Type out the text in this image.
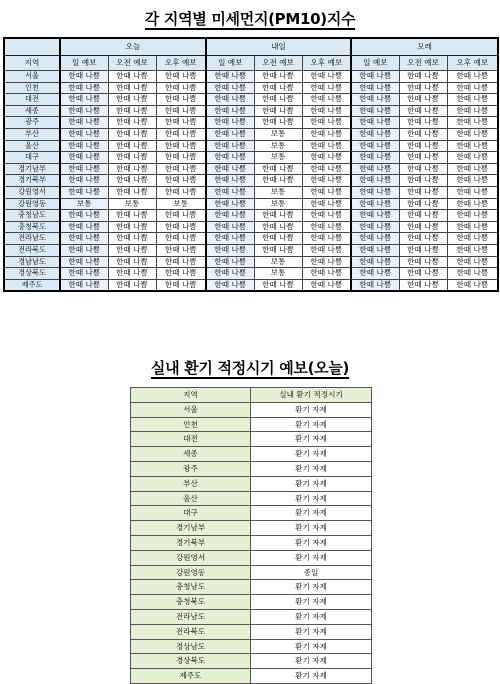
각 지역별 미세먼지(PM10)지수
	오늘			내일			모레		
지역	일 예보	오전 예보	오후 예보	일 예보	오전 예보	오후 예보	일 예보	오전 예보	오후 예보
서울	한때 나쁨	한때 나쁨	한때 나쁨	한때 나쁨	한때 나쁨	한때 나쁨	한때 나쁨	한때 나쁨	한때 나쁨
인천	한때 나쁨	한때 나쁨	한때 나쁨	한때 나쁨	한때 나쁨	한때 나쁨	한때 나쁨	한때 나쁨	한때 나쁨
대전	한때 나쁨	한때 나쁨	한때 나쁨	한때 나쁨	한때 나쁨	한때 나쁨	한때 나쁨	한때 나쁨	한때 나쁨
세종	한때 나쁨	한때 나쁨	한때 나쁨	한때 나쁨	한때 나쁨	한때 나쁨	한때 나쁨	한때 나쁨	한때 나쁨
광주	한때 나쁨	한때 나쁨	한때 나쁨	한때 나쁨	한때 나쁨	한때 나쁨	한때 나쁨	한때 나쁨	한때 나쁨
부산	한때 나쁨	한때 나쁨	한때 나쁨	한때 나쁨	보통	한때 나쁨	한때 나쁨	한때 나쁨	한때 나쁨
울산	한때 나쁨	한때 나쁨	한때 나쁨	한때 나쁨	보통	한때 나쁨	한때 나쁨	한때 나쁨	한때 나쁨
대구	한때 나쁨	한때 나쁨	한때 나쁨	한때 나쁨	보통	한때 나쁨	한때 나쁨	한때 나쁨	한때 나쁨
경기남부	한때 나쁨	한때 나쁨	한때 나쁨	한때 나쁨	한때 나쁨	한때 나쁨	한때 나쁨	한때 나쁨	한때 나쁨
경기북부	한때 나쁨	한때 나쁨	한때 나쁨	한때 나쁨	한때 나쁨	한때 나쁨	한때 나쁨	한때 나쁨	한때 나쁨
강원영서	한때 나쁨	한때 나쁨	한때 나쁨	한때 나쁨	보통	한때 나쁨	한때 나쁨	한때 나쁨	한때 나쁨
강원영동	보통	보통	보통	한때 나쁨	보통	한때 나쁨	한때 나쁨	한때 나쁨	한때 나쁨
충청남도	한때 나쁨	한때 나쁨	한때 나쁨	한때 나쁨	한때 나쁨	한때 나쁨	한때 나쁨	한때 나쁨	한때 나쁨
충청북도	한때 나쁨	한때 나쁨	한때 나쁨	한때 나쁨	한때 나쁨	한때 나쁨	한때 나쁨	한때 나쁨	한때 나쁨
전라남도	한때 나쁨	한때 나쁨	한때 나쁨	한때 나쁨	한때 나쁨	한때 나쁨	한때 나쁨	한때 나쁨	한때 나쁨
전라북도	한때 나쁨	한때 나쁨	한때 나쁨	한때 나쁨	한때 나쁨	한때 나쁨	한때 나쁨	한때 나쁨	한때 나쁨
경남남도	한때 나쁨	한때 나쁨	한때 나쁨	한때 나쁨	보통	한때 나쁨	한때 나쁨	한때 나쁨	한때 나쁨
경상북도	한때 나쁨	한때 나쁨	한때 나쁨	한때 나쁨	보통	한때 나쁨	한때 나쁨	한때 나쁨	한때 나쁨
제주도	한때 나쁨	한때 나쁨	한때 나쁨	한때 나쁨	한때 나쁨	한때 나쁨	한때 나쁨	한때 나쁨	한때 나쁨
실내 환기 적정시기 예보(오늘)
지역	실내 환기 적정시기
서울	환기 자제
인천	환기 자제
대전	환기 자제
세종	환기 자제
광주	환기 자제
부산	환기 자제
울산	환기 자제
대구	환기 자제
경기남부	환기 자제
경기북부	환기 자제
강원영서	환기 자제
강원영동	종일
충청남도	환기 자제
충청북도	환기 자제
전라남도	환기 자제
전라북도	환기 자제
경상남도	환기 자제
경상북도	환기 자제
제주도	환기 자제
